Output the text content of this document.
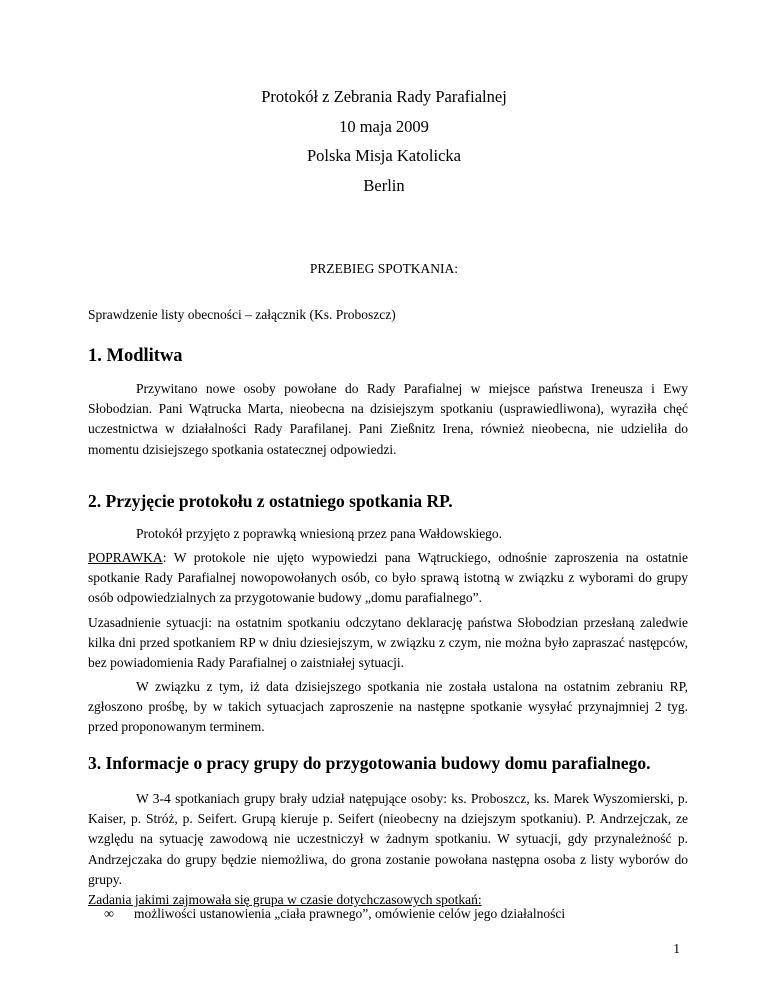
Protokół z Zebrania Rady Parafialnej

10 maja 2009

Polska Misja Katolicka

Berlin

PRZEBIEG SPOTKANIA:

Sprawdzenie listy obecności – załącznik (Ks. Proboszcz)

1. Modlitwa

Przywitano nowe osoby powołane do Rady Parafialnej w miejsce państwa Ireneusza i Ewy Słobodzian. Pani Wątrucka Marta, nieobecna na dzisiejszym spotkaniu (usprawiedliwona), wyraziła chęć uczestnictwa w działalności Rady Parafilanej. Pani Zießnitz Irena, również nieobecna, nie udzieliła do momentu dzisiejszego spotkania ostatecznej odpowiedzi.

2. Przyjęcie protokołu z ostatniego spotkania RP.

Protokół przyjęto z poprawką wniesioną przez pana Wałdowskiego.

POPRAWKA: W protokole nie ujęto wypowiedzi pana Wątruckiego, odnośnie zaproszenia na ostatnie spotkanie Rady Parafialnej nowopowołanych osób, co było sprawą istotną w związku z wyborami do grupy osób odpowiedzialnych za przygotowanie budowy „domu parafialnego”.

Uzasadnienie sytuacji: na ostatnim spotkaniu odczytano deklarację państwa Słobodzian przesłaną zaledwie kilka dni przed spotkaniem RP w dniu dziesiejszym, w związku z czym, nie można było zapraszać następców, bez powiadomienia Rady Parafialnej o zaistniałej sytuacji.

W związku z tym, iż data dzisiejszego spotkania nie została ustalona na ostatnim zebraniu RP, zgłoszono prośbę, by w takich sytuacjach zaproszenie na następne spotkanie wysyłać przynajmniej 2 tyg. przed proponowanym terminem.

3. Informacje o pracy grupy do przygotowania budowy domu parafialnego.

W 3-4 spotkaniach grupy brały udział natępujące osoby: ks. Proboszcz, ks. Marek Wyszomierski, p. Kaiser, p. Stróż, p. Seifert. Grupą kieruje p. Seifert (nieobecny na dziejszym spotkaniu). P. Andrzejczak, ze względu na sytuację zawodową nie uczestniczył w żadnym spotkaniu. W sytuacji, gdy przynależność p. Andrzejczaka do grupy będzie niemożliwa, do grona zostanie powołana następna osoba z listy wyborów do grupy.

Zadania jakimi zajmowała się grupa w czasie dotychczasowych spotkań:

∞	możliwości ustanowienia „ciała prawnego”, omówienie celów jego działalności
1
